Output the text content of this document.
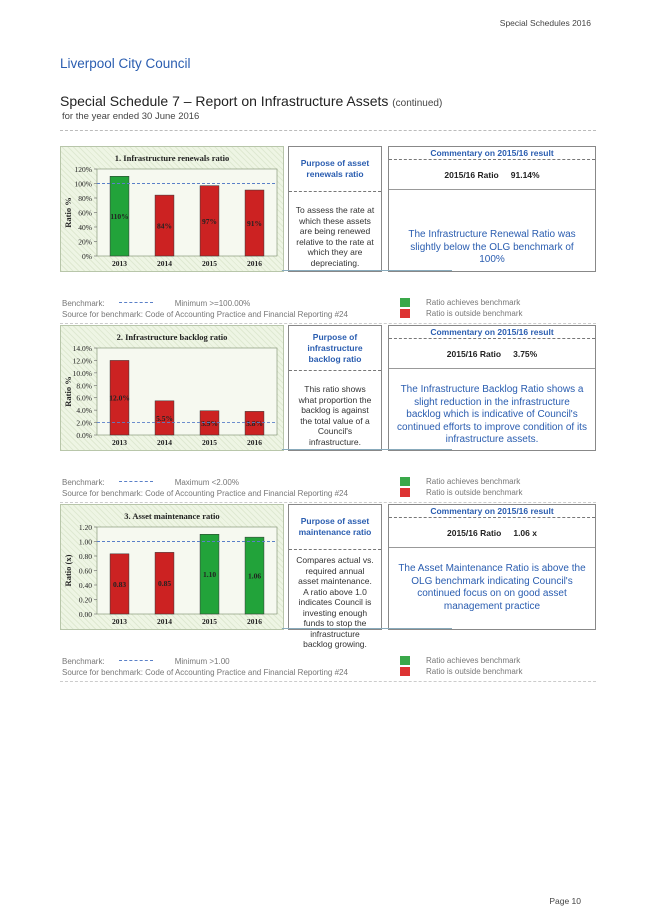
Special Schedules 2016
Liverpool City Council
Special Schedule 7 – Report on Infrastructure Assets (continued)
for the year ended 30 June 2016
1. Infrastructure renewals ratio
0%
20%
40%
60%
80%
100%
120%
Ratio %	110%
2013
84%
2014
97%
2015
91%
2016
Purpose of asset renewals ratio
To assess the rate at which these assets are being renewed relative to the rate at which they are depreciating.
Commentary on 2015/16 result
2015/16 Ratio 91.14%
The Infrastructure Renewal Ratio was slightly below the OLG benchmark of 100%
Benchmark:	Minimum >=100.00%
Source for benchmark: Code of Accounting Practice and Financial Reporting #24
Ratio achieves benchmark
Ratio is outside benchmark
2. Infrastructure backlog ratio
0.0%
2.0%
4.0%
6.0%
8.0%
10.0%
12.0%
14.0%
Ratio %	12.0%
2013
5.5%
2014
3.9%
2015
3.8%
2016
Purpose of infrastructure backlog ratio
This ratio shows what proportion the backlog is against the total value of a Council's infrastructure.
Commentary on 2015/16 result
2015/16 Ratio 3.75%
The Infrastructure Backlog Ratio shows a slight reduction in the infrastructure backlog which is indicative of Council's continued efforts to improve condition of its infrastructure assets.
Benchmark:	Maximum <2.00%
Source for benchmark: Code of Accounting Practice and Financial Reporting #24
Ratio achieves benchmark
Ratio is outside benchmark
3. Asset maintenance ratio
0.00
0.20
0.40
0.60
0.80
1.00
1.20
Ratio (x)	0.83
2013
0.85
2014
1.10
2015
1.06
2016
Purpose of asset maintenance ratio
Compares actual vs. required annual asset maintenance. A ratio above 1.0 indicates Council is investing enough funds to stop the infrastructure backlog growing.
Commentary on 2015/16 result
2015/16 Ratio 1.06 x
The Asset Maintenance Ratio is above the OLG benchmark indicating Council's continued focus on on good asset management practice
Benchmark:	Minimum >1.00
Source for benchmark: Code of Accounting Practice and Financial Reporting #24
Ratio achieves benchmark
Ratio is outside benchmark
Page 10
